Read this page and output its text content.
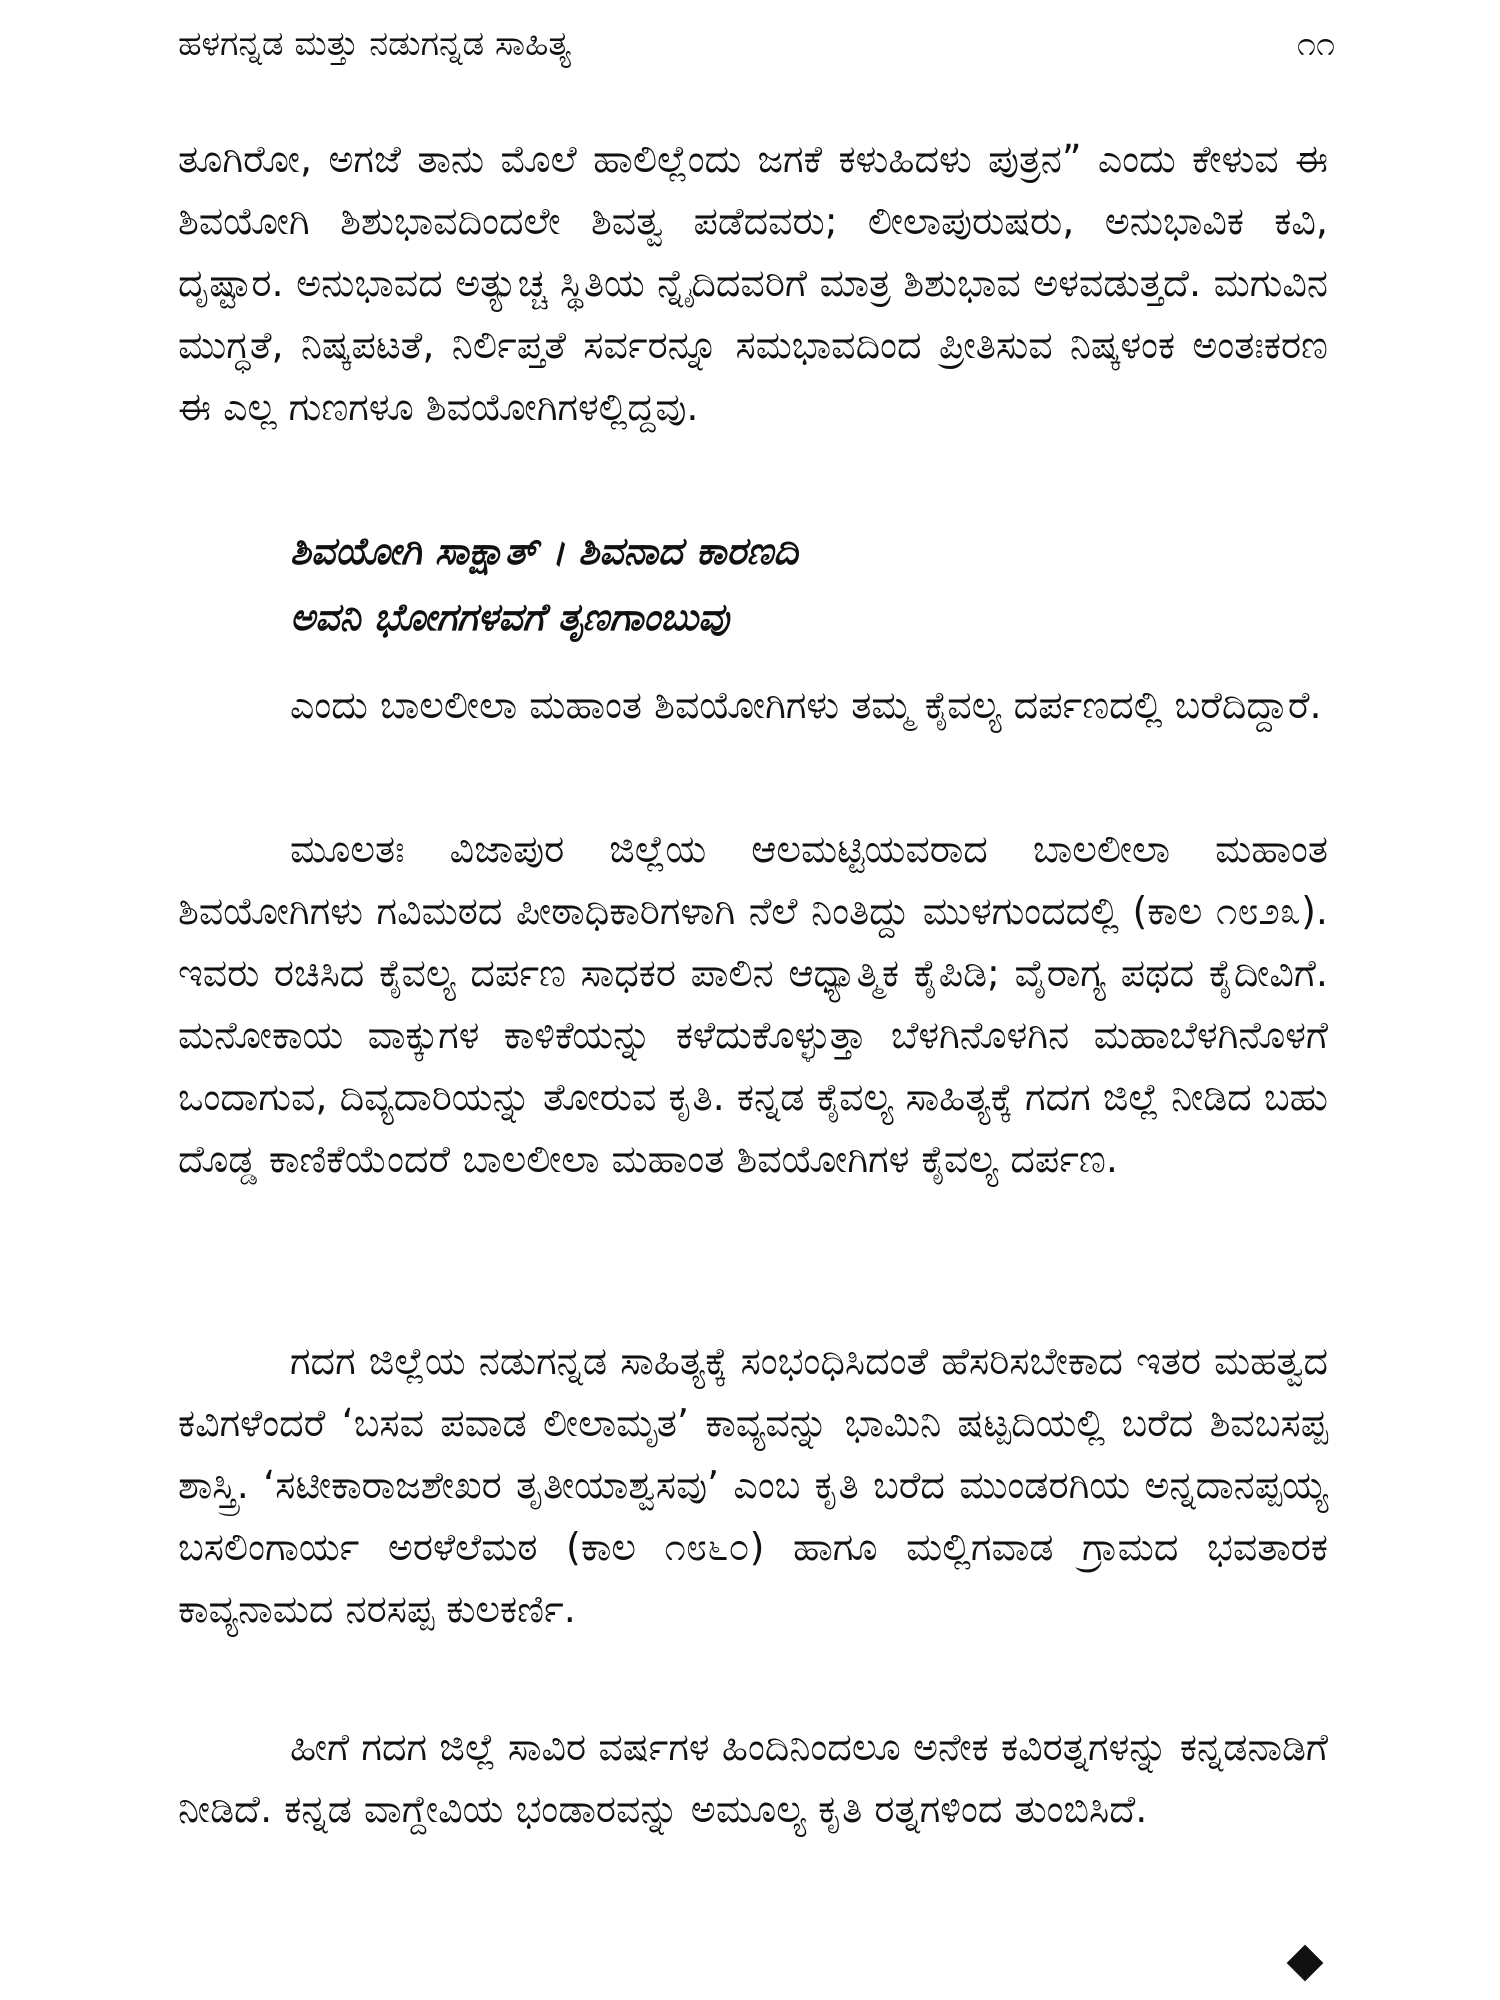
ಹಳಗನ್ನಡ ಮತ್ತು ನಡುಗನ್ನಡ ಸಾಹಿತ್ಯ	೧೧

ತೂಗಿರೋ, ಅಗಜೆ ತಾನು ಮೊಲೆ ಹಾಲಿಲ್ಲೆಂದು ಜಗಕೆ ಕಳುಹಿದಳು ಪುತ್ರನ” ಎಂದು ಕೇಳುವ ಈ ಶಿವಯೋಗಿ ಶಿಶುಭಾವದಿಂದಲೇ ಶಿವತ್ವ ಪಡೆದವರು; ಲೀಲಾಪುರುಷರು, ಅನುಭಾವಿಕ ಕವಿ, ದೃಷ್ಟಾರ. ಅನುಭಾವದ ಅತ್ಯುಚ್ಚ ಸ್ಥಿತಿಯ ನ್ನೈದಿದವರಿಗೆ ಮಾತ್ರ ಶಿಶುಭಾವ ಅಳವಡುತ್ತದೆ. ಮಗುವಿನ ಮುಗ್ಧತೆ, ನಿಷ್ಕಪಟತೆ, ನಿರ್ಲಿಪ್ತತೆ ಸರ್ವರನ್ನೂ ಸಮಭಾವದಿಂದ ಪ್ರೀತಿಸುವ ನಿಷ್ಕಳಂಕ ಅಂತಃಕರಣ ಈ ಎಲ್ಲ ಗುಣಗಳೂ ಶಿವಯೋಗಿಗಳಲ್ಲಿದ್ದವು.

ಶಿವಯೋಗಿ ಸಾಕ್ಷಾತ್ । ಶಿವನಾದ ಕಾರಣದಿ
ಅವನಿ ಭೋಗಗಳವಗೆ ತೃಣಗಾಂಬುವು

ಎಂದು ಬಾಲಲೀಲಾ ಮಹಾಂತ ಶಿವಯೋಗಿಗಳು ತಮ್ಮ ಕೈವಲ್ಯ ದರ್ಪಣದಲ್ಲಿ ಬರೆದಿದ್ದಾರೆ.

ಮೂಲತಃ ವಿಜಾಪುರ ಜಿಲ್ಲೆಯ ಆಲಮಟ್ಟಿಯವರಾದ ಬಾಲಲೀಲಾ ಮಹಾಂತ ಶಿವಯೋಗಿಗಳು ಗವಿಮಠದ ಪೀಠಾಧಿಕಾರಿಗಳಾಗಿ ನೆಲೆ ನಿಂತಿದ್ದು ಮುಳಗುಂದದಲ್ಲಿ (ಕಾಲ ೧೮೨೩). ಇವರು ರಚಿಸಿದ ಕೈವಲ್ಯ ದರ್ಪಣ ಸಾಧಕರ ಪಾಲಿನ ಆಧ್ಯಾತ್ಮಿಕ ಕೈಪಿಡಿ; ವೈರಾಗ್ಯ ಪಥದ ಕೈದೀವಿಗೆ. ಮನೋಕಾಯ ವಾಕ್ಕುಗಳ ಕಾಳಿಕೆಯನ್ನು ಕಳೆದುಕೊಳ್ಳುತ್ತಾ ಬೆಳಗಿನೊಳಗಿನ ಮಹಾಬೆಳಗಿನೊಳಗೆ ಒಂದಾಗುವ, ದಿವ್ಯದಾರಿಯನ್ನು ತೋರುವ ಕೃತಿ. ಕನ್ನಡ ಕೈವಲ್ಯ ಸಾಹಿತ್ಯಕ್ಕೆ ಗದಗ ಜಿಲ್ಲೆ ನೀಡಿದ ಬಹು ದೊಡ್ಡ ಕಾಣಿಕೆಯೆಂದರೆ ಬಾಲಲೀಲಾ ಮಹಾಂತ ಶಿವಯೋಗಿಗಳ ಕೈವಲ್ಯ ದರ್ಪಣ.

ಗದಗ ಜಿಲ್ಲೆಯ ನಡುಗನ್ನಡ ಸಾಹಿತ್ಯಕ್ಕೆ ಸಂಭಂಧಿಸಿದಂತೆ ಹೆಸರಿಸಬೇಕಾದ ಇತರ ಮಹತ್ವದ ಕವಿಗಳೆಂದರೆ ‘ಬಸವ ಪವಾಡ ಲೀಲಾಮೃತ’ ಕಾವ್ಯವನ್ನು ಭಾಮಿನಿ ಷಟ್ಪದಿಯಲ್ಲಿ ಬರೆದ ಶಿವಬಸಪ್ಪ ಶಾಸ್ತ್ರಿ. ‘ಸಟೀಕಾರಾಜಶೇಖರ ತೃತೀಯಾಶ್ವಸವು’ ಎಂಬ ಕೃತಿ ಬರೆದ ಮುಂಡರಗಿಯ ಅನ್ನದಾನಪ್ಪಯ್ಯ ಬಸಲಿಂಗಾರ್ಯ ಅರಳೆಲೆಮಠ (ಕಾಲ ೧೮೬೦) ಹಾಗೂ ಮಲ್ಲಿಗವಾಡ ಗ್ರಾಮದ ಭವತಾರಕ ಕಾವ್ಯನಾಮದ ನರಸಪ್ಪ ಕುಲಕರ್ಣಿ.

ಹೀಗೆ ಗದಗ ಜಿಲ್ಲೆ ಸಾವಿರ ವರ್ಷಗಳ ಹಿಂದಿನಿಂದಲೂ ಅನೇಕ ಕವಿರತ್ನಗಳನ್ನು ಕನ್ನಡನಾಡಿಗೆ ನೀಡಿದೆ. ಕನ್ನಡ ವಾಗ್ದೇವಿಯ ಭಂಡಾರವನ್ನು ಅಮೂಲ್ಯ ಕೃತಿ ರತ್ನಗಳಿಂದ ತುಂಬಿಸಿದೆ.
